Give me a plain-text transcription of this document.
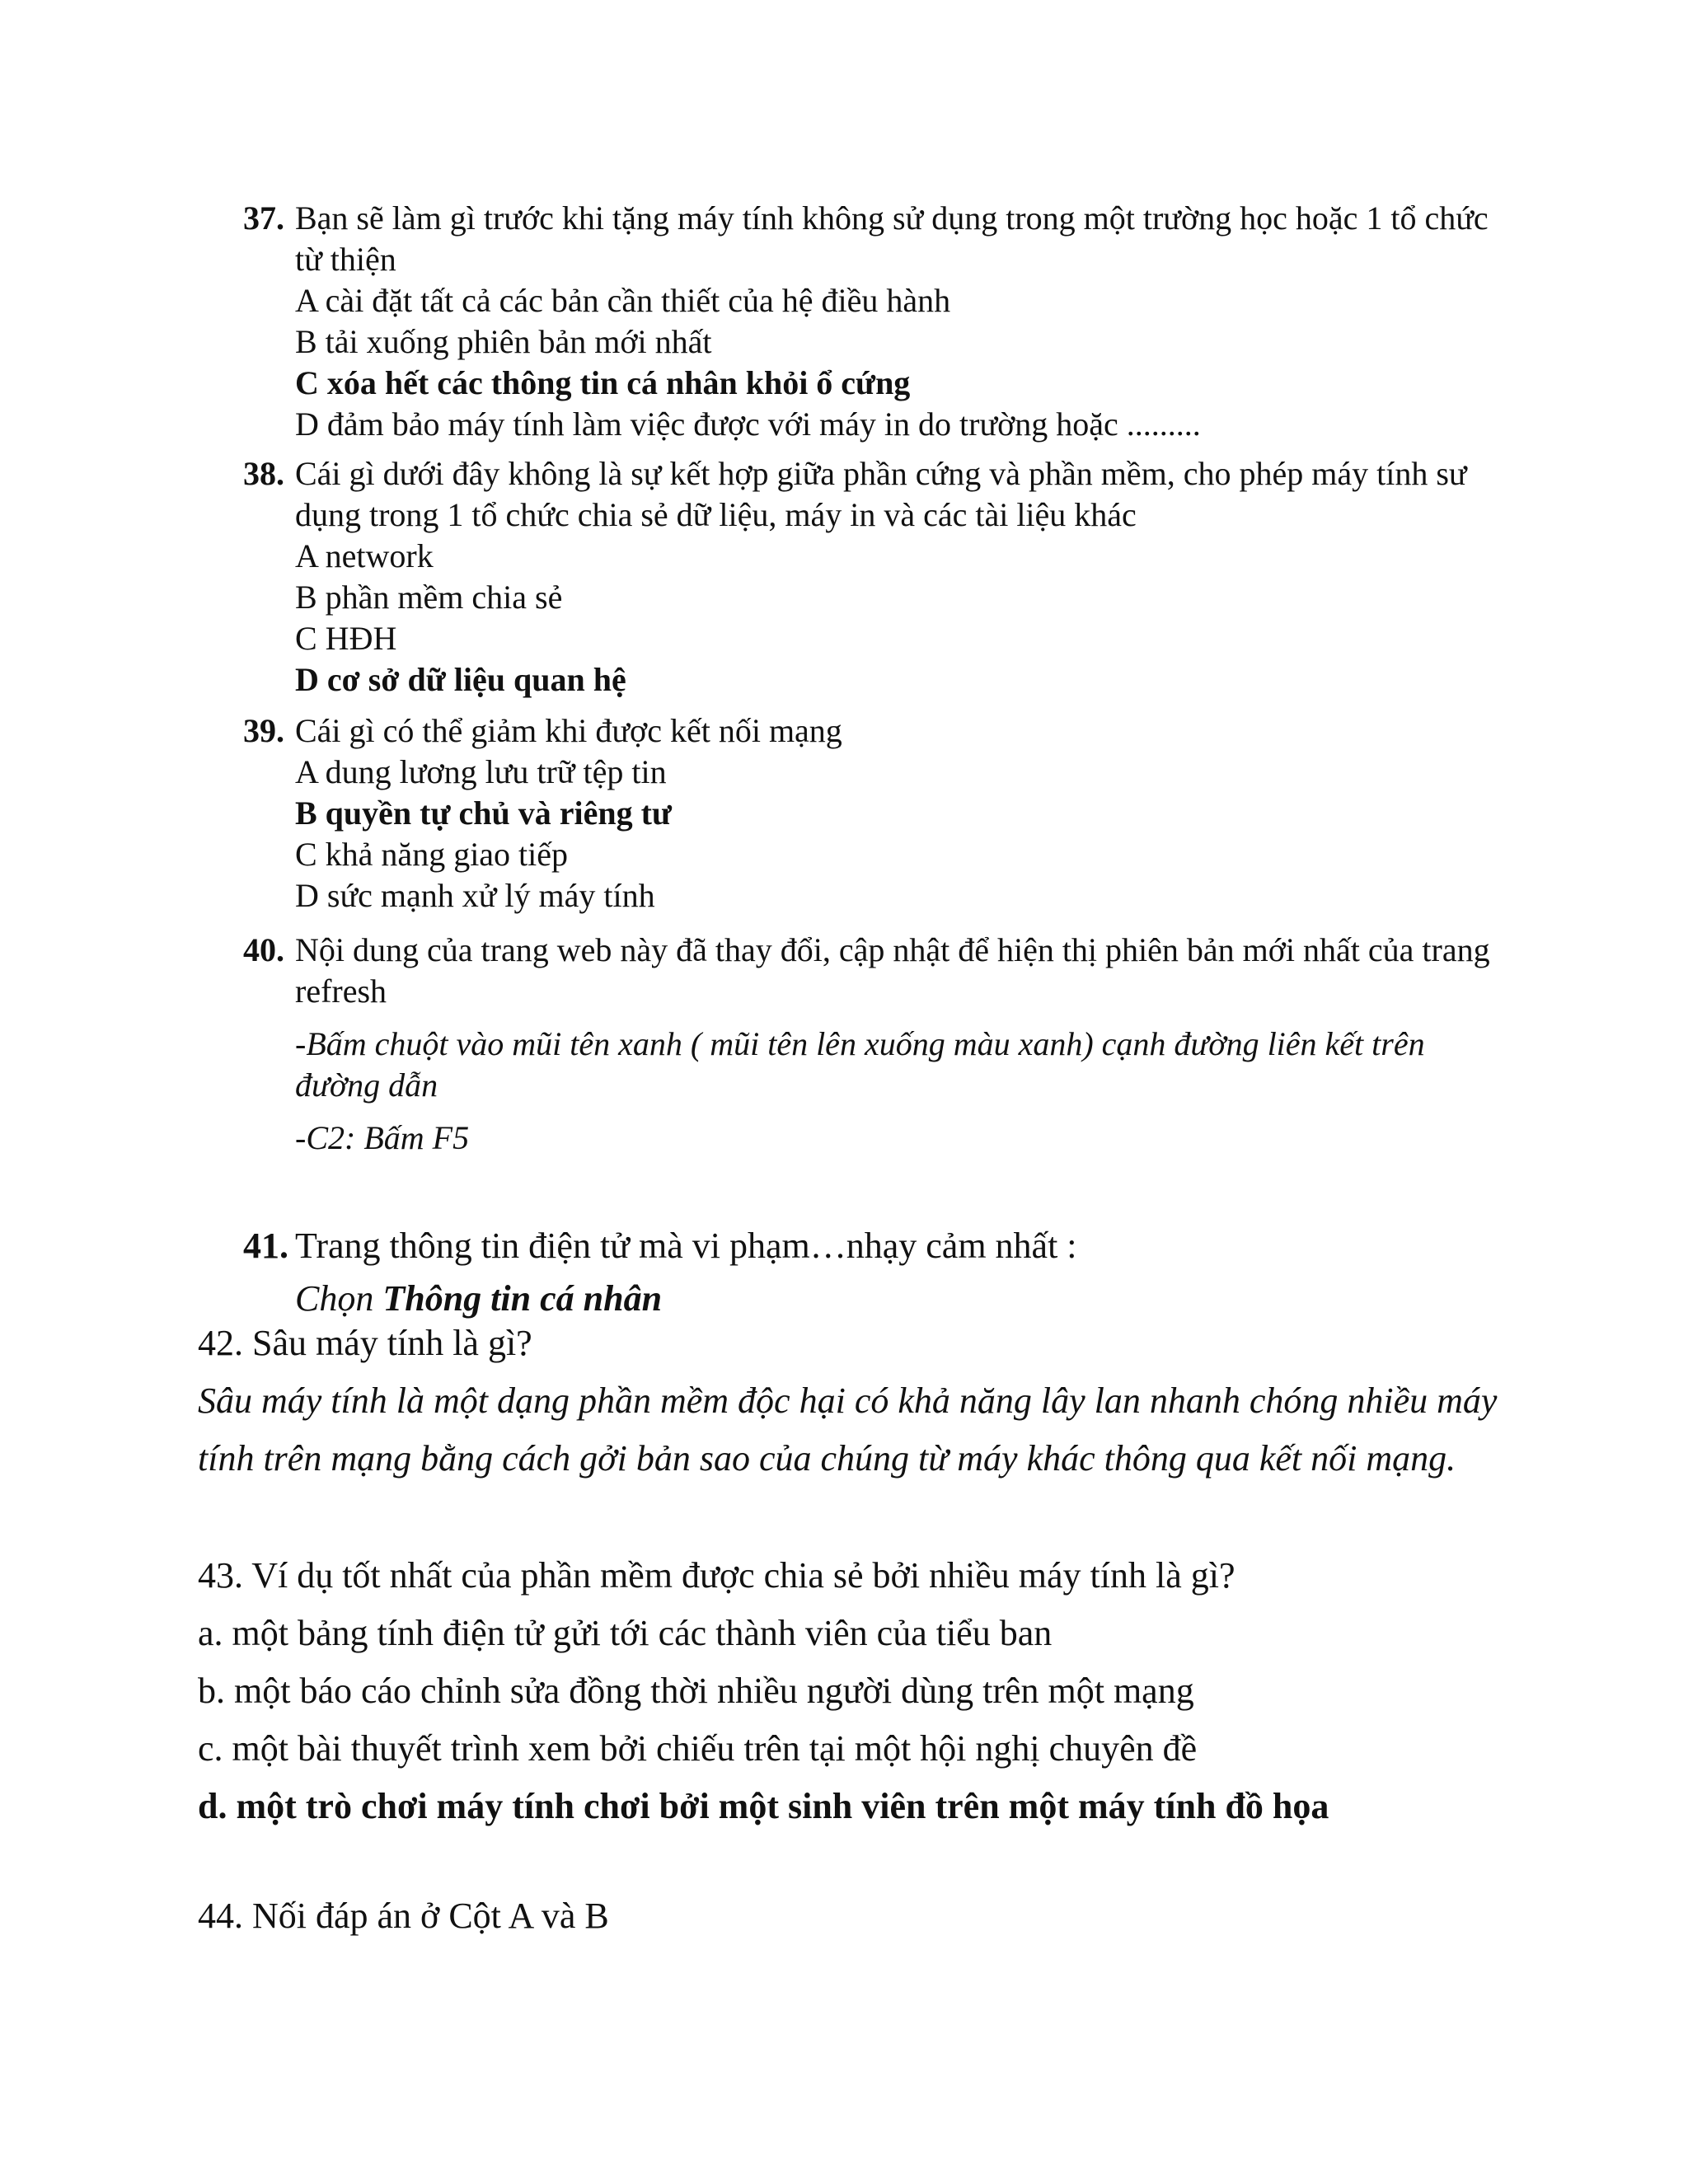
37. Bạn sẽ làm gì trước khi tặng máy tính không sử dụng trong một trường học hoặc 1 tổ chức từ thiện
A cài đặt tất cả các bản cần thiết của hệ điều hành
B tải xuống phiên bản mới nhất
C xóa hết các thông tin cá nhân khỏi ổ cứng
D đảm bảo máy tính làm việc được với máy in do trường hoặc .........
38. Cái gì dưới đây không là sự kết hợp giữa phần cứng và phần mềm, cho phép máy tính sư dụng trong 1 tổ chức chia sẻ dữ liệu, máy in và các tài liệu khác
A network
B phần mềm chia sẻ
C HĐH
D cơ sở dữ liệu quan hệ
39. Cái gì có thể giảm khi được kết nối mạng
A dung lương lưu trữ tệp tin
B quyền tự chủ và riêng tư
C khả năng giao tiếp
D sức mạnh xử lý máy tính
40. Nội dung của trang web này đã thay đổi, cập nhật để hiện thị phiên bản mới nhất của trang refresh
-Bấm chuột vào mũi tên xanh ( mũi tên lên xuống màu xanh) cạnh đường liên kết trên đường dẫn
-C2: Bấm F5
41. Trang thông tin điện tử mà vi phạm…nhạy cảm nhất :
Chọn Thông tin cá nhân
42. Sâu máy tính là gì?
Sâu máy tính là một dạng phần mềm độc hại có khả năng lây lan nhanh chóng nhiều máy tính trên mạng bằng cách gởi bản sao của chúng từ máy khác thông qua kết nối mạng.
43. Ví dụ tốt nhất của phần mềm được chia sẻ bởi nhiều máy tính là gì?
a. một bảng tính điện tử gửi tới các thành viên của tiểu ban
b. một báo cáo chỉnh sửa đồng thời nhiều người dùng trên một mạng
c. một bài thuyết trình xem bởi chiếu trên tại một hội nghị chuyên đề
d. một trò chơi máy tính chơi bởi một sinh viên trên một máy tính đồ họa
44. Nối đáp án ở Cột A và B
